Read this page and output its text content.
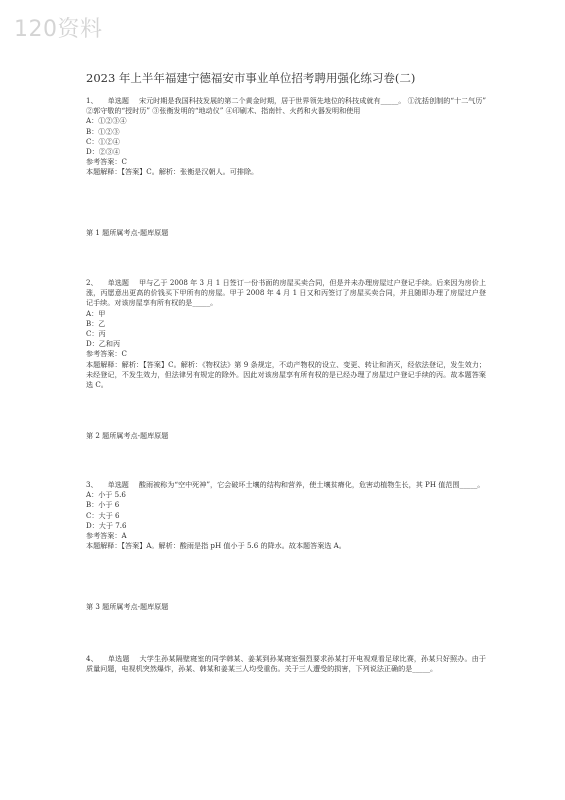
120资料
2023 年上半年福建宁德福安市事业单位招考聘用强化练习卷(二)
1、 单选题 宋元时期是我国科技发展的第二个黄金时期，居于世界领先地位的科技成就有_____。 ①沈括创制的“十二气历” ②郭守敬的“授时历” ③张衡发明的“地动仪” ④印刷术、指南针、火药和火器发明和使用
A：①②③④
B：①②③
C：①②④
D：②③④
参考答案：C
本题解释：【答案】C。解析：张衡是汉朝人。可排除。
第 1 题所属考点-题库原题
2、 单选题 甲与乙于 2008 年 3 月 1 日签订一份书面的房屋买卖合同，但是并未办理房屋过户登记手续。后来因为房价上涨，丙愿意出更高的价钱买下甲所有的房屋。甲于 2008 年 4 月 1 日又和丙签订了房屋买卖合同，并且随即办理了房屋过户登记手续。对该房屋享有所有权的是_____。
A：甲
B：乙
C：丙
D：乙和丙
参考答案：C
本题解释：解析：【答案】C。解析：《物权法》第 9 条规定，不动产物权的设立、变更、转让和消灭，经依法登记，发生效力；未经登记，不发生效力，但法律另有规定的除外。因此对该房屋享有所有权的是已经办理了房屋过户登记手续的丙。故本题答案选 C。
第 2 题所属考点-题库原题
3、 单选题 酸雨被称为“空中死神”，它会破坏土壤的结构和营养，使土壤贫瘠化，危害动植物生长，其 PH 值范围_____。
A：小于 5.6
B：小于 6
C：大于 6
D：大于 7.6
参考答案：A
本题解释：【答案】A。解析：酸雨是指 pH 值小于 5.6 的降水。故本题答案选 A。
第 3 题所属考点-题库原题
4、 单选题 大学生孙某隔壁寝室的同学韩某、姜某到孙某寝室强烈要求孙某打开电视观看足球比赛，孙某只好照办。由于质量问题，电视机突然爆炸，孙某、韩某和姜某三人均受重伤。关于三人遭受的损害，下列说法正确的是_____。
